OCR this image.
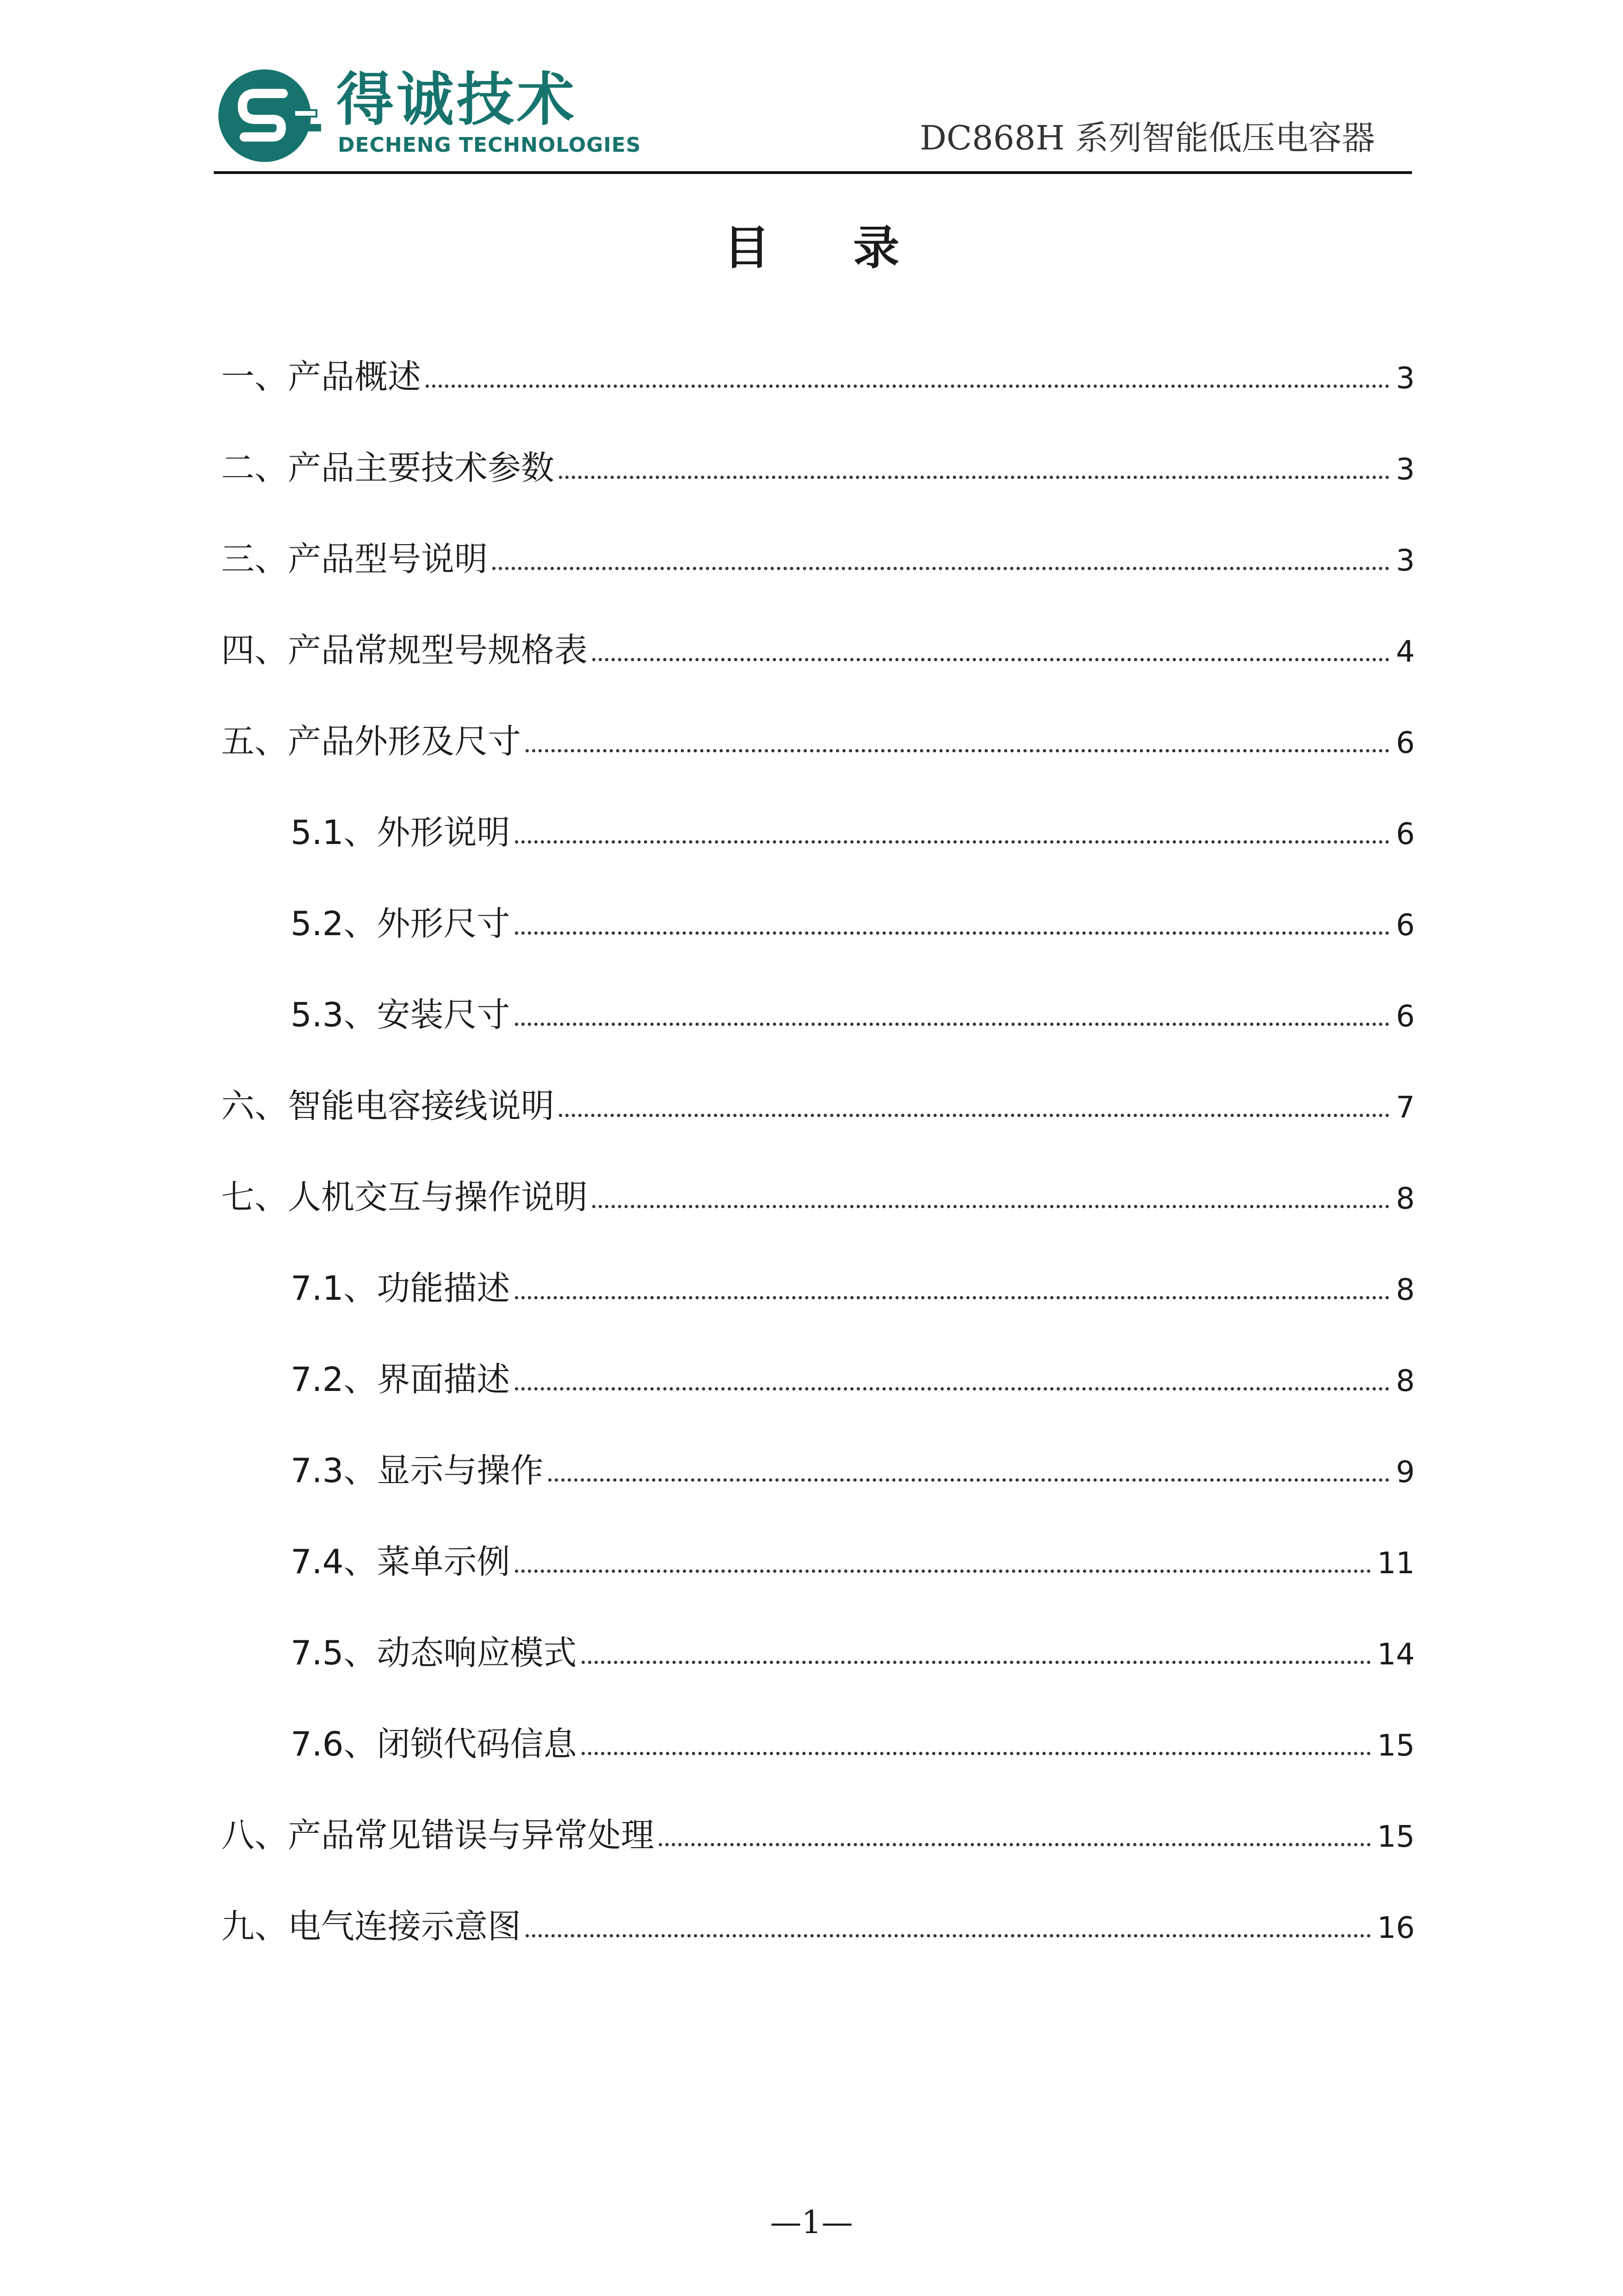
得诚技术
DECHENG TECHNOLOGIES	DC868H 系列智能低压电容器
目录
一、产品概述	3
二、产品主要技术参数	3
三、产品型号说明	3
四、产品常规型号规格表	4
五、产品外形及尺寸	6
5.1、外形说明	6
5.2、外形尺寸	6
5.3、安装尺寸	6
六、智能电容接线说明	7
七、人机交互与操作说明	8
7.1、功能描述	8
7.2、界面描述	8
7.3、显示与操作	9
7.4、菜单示例	11
7.5、动态响应模式	14
7.6、闭锁代码信息	15
八、产品常见错误与异常处理	15
九、电气连接示意图	16
—1—
